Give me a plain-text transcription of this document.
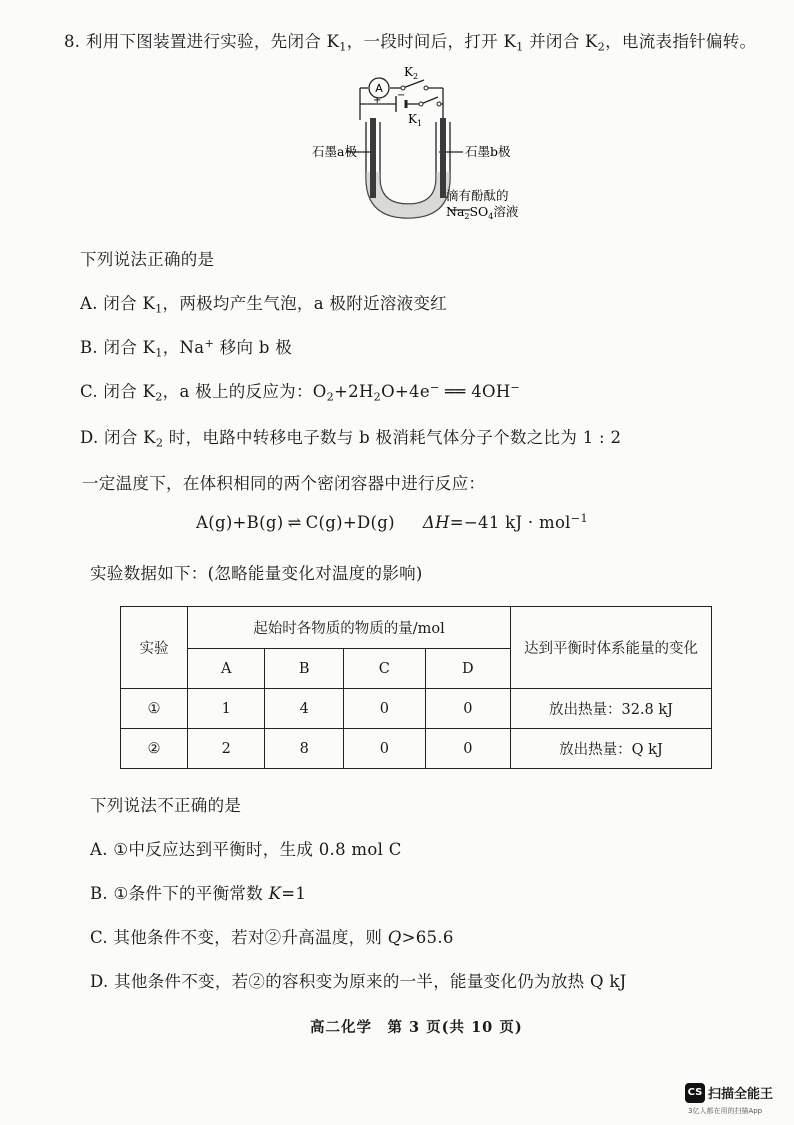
8. 利用下图装置进行实验，先闭合 $K_1$，一段时间后，打开 $K_1$ 并闭合 $K_2$，电流表指针偏转。
A
+ −
$K_2$
$K_1$
石墨a极	石墨b极
滴有酚酞的
$Na_2SO_4$溶液
下列说法正确的是
A. 闭合 $K_1$，两极均产生气泡，a 极附近溶液变红
B. 闭合 $K_1$，Na+ 移向 b 极
C. 闭合 $K_2$，a 极上的反应为：$O_2+2H_2O+4e^-$ ══ 4OH−
D. 闭合 $K_2$ 时，电路中转移电子数与 b 极消耗气体分子个数之比为 1 : 2
一定温度下，在体积相同的两个密闭容器中进行反应：
A(g)+B(g) ⇌ C(g)+D(g) ΔH=−41 kJ · mol$^{-1}$
实验数据如下：(忽略能量变化对温度的影响)
实验	起始时各物质的物质的量/mol				达到平衡时体系能量的变化
	A	B	C	D	
①	1	4	0	0	放出热量：32.8 kJ
②	2	8	0	0	放出热量：Q kJ
下列说法不正确的是
A. ①中反应达到平衡时，生成 0.8 mol C
B. ①条件下的平衡常数 K=1
C. 其他条件不变，若对②升高温度，则 Q>65.6
D. 其他条件不变，若②的容积变为原来的一半，能量变化仍为放热 Q kJ
高二化学　第 3 页(共 10 页)
CS 扫描全能王
3亿人都在用的扫描App
